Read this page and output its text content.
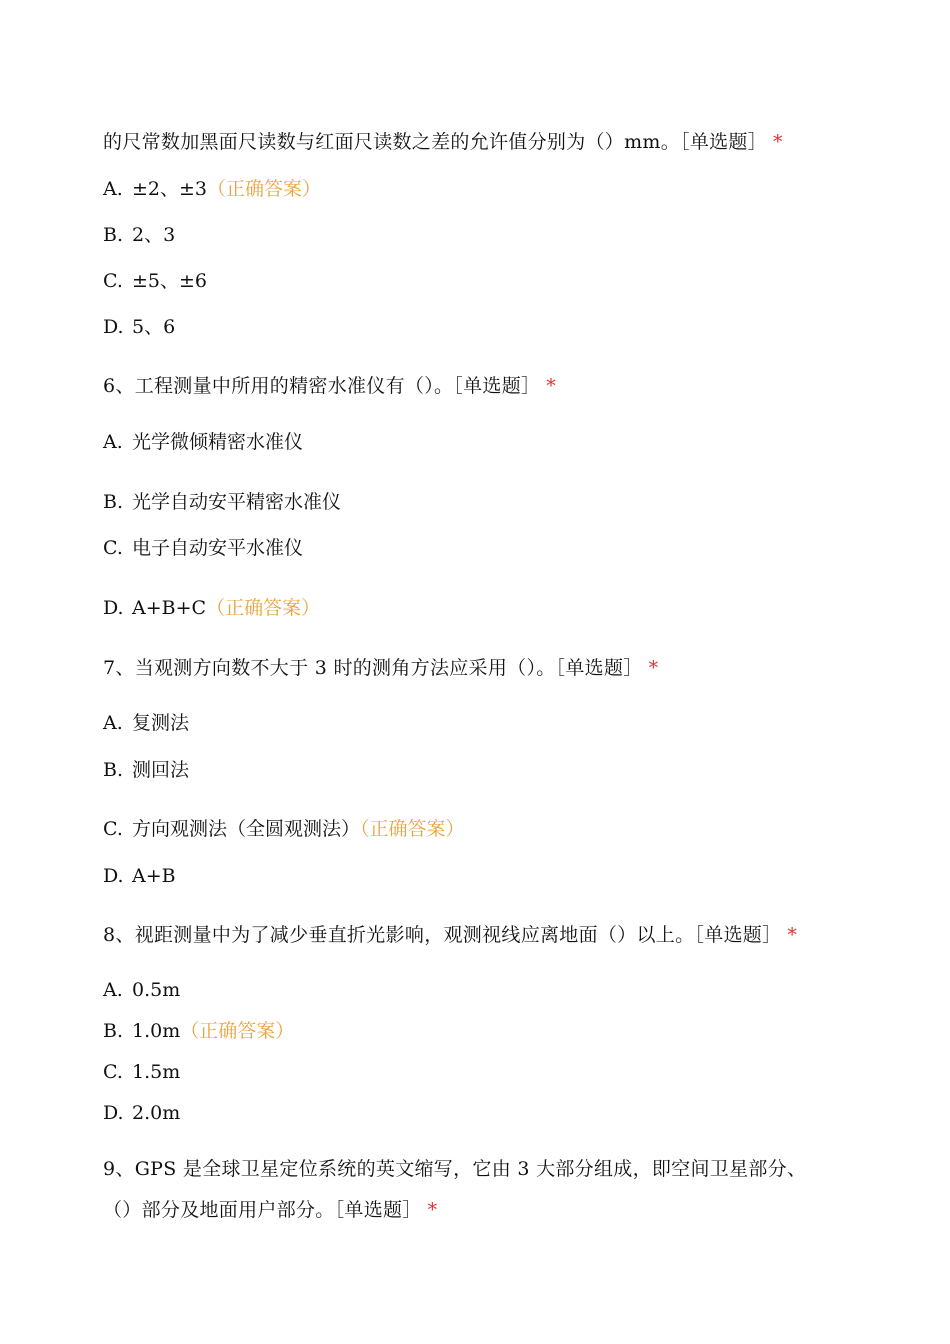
的尺常数加黑面尺读数与红面尺读数之差的允许值分别为（）mm。［单选题］ *
A. ±2、±3（正确答案）
B. 2、3
C. ±5、±6
D. 5、6
6、工程测量中所用的精密水准仪有（）。［单选题］ *
A. 光学微倾精密水准仪
B. 光学自动安平精密水准仪
C. 电子自动安平水准仪
D. A+B+C（正确答案）
7、当观测方向数不大于 3 时的测角方法应采用（）。［单选题］ *
A. 复测法
B. 测回法
C. 方向观测法（全圆观测法）（正确答案）
D. A+B
8、视距测量中为了减少垂直折光影响，观测视线应离地面（）以上。［单选题］ *
A. 0.5m
B. 1.0m（正确答案）
C. 1.5m
D. 2.0m
9、GPS 是全球卫星定位系统的英文缩写，它由 3 大部分组成，即空间卫星部分、
（）部分及地面用户部分。［单选题］ *
